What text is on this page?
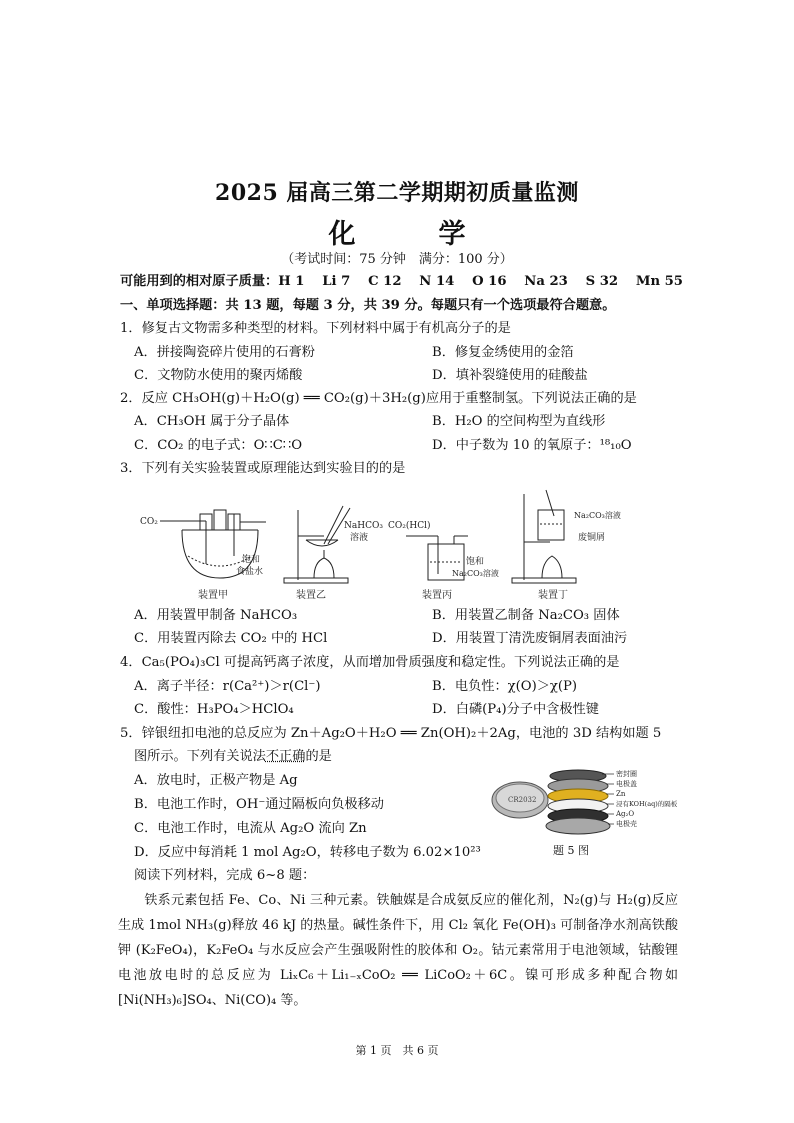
2025 届高三第二学期期初质量监测
化　学
（考试时间：75 分钟　满分：100 分）
可能用到的相对原子质量：H 1　 Li 7　 C 12　 N 14　 O 16　 Na 23　 S 32　 Mn 55
一、单项选择题：共 13 题，每题 3 分，共 39 分。每题只有一个选项最符合题意。
1．修复古文物需多种类型的材料。下列材料中属于有机高分子的是
A．拼接陶瓷碎片使用的石膏粉	B．修复金绣使用的金箔
C．文物防水使用的聚丙烯酸	D．填补裂缝使用的硅酸盐
2．反应 CH₃OH(g)＋H₂O(g) ══ CO₂(g)＋3H₂(g)应用于重整制氢。下列说法正确的是
A．CH₃OH 属于分子晶体	B．H₂O 的空间构型为直线形
C．CO₂ 的电子式：O∷C∷O	D．中子数为 10 的氧原子：¹⁸₁₀O
3．下列有关实验装置或原理能达到实验目的的是
CO₂
饱和
食盐水
装置甲
NaHCO₃
溶液
装置乙
CO₂(HCl)
饱和
Na₂CO₃溶液
装置丙
Na₂CO₃溶液
废铜屑
装置丁
A．用装置甲制备 NaHCO₃	B．用装置乙制备 Na₂CO₃ 固体
C．用装置丙除去 CO₂ 中的 HCl	D．用装置丁清洗废铜屑表面油污
4．Ca₅(PO₄)₃Cl 可提高钙离子浓度，从而增加骨质强度和稳定性。下列说法正确的是
A．离子半径：r(Ca²⁺)＞r(Cl⁻)	B．电负性：χ(O)＞χ(P)
C．酸性：H₃PO₄＞HClO₄	D．白磷(P₄)分子中含极性键
5．锌银纽扣电池的总反应为 Zn＋Ag₂O＋H₂O ══ Zn(OH)₂＋2Ag，电池的 3D 结构如题 5
图所示。下列有关说法不正确的是
A．放电时，正极产物是 Ag
B．电池工作时，OH⁻通过隔板向负极移动
C．电池工作时，电流从 Ag₂O 流向 Zn
D．反应中每消耗 1 mol Ag₂O，转移电子数为 6.02×10²³
CR2032
密封圈
电极盖
Zn
浸有KOH(aq)的隔板
Ag₂O
电极壳
题 5 图
阅读下列材料，完成 6~8 题：
铁系元素包括 Fe、Co、Ni 三种元素。铁触媒是合成氨反应的催化剂，N₂(g)与 H₂(g)反应生成 1mol NH₃(g)释放 46 kJ 的热量。碱性条件下，用 Cl₂ 氧化 Fe(OH)₃ 可制备净水剂高铁酸钾 (K₂FeO₄)，K₂FeO₄ 与水反应会产生强吸附性的胶体和 O₂。钴元素常用于电池领域，钴酸锂电池放电时的总反应为 LiₓC₆＋Li₁₋ₓCoO₂ ══ LiCoO₂＋6C。镍可形成多种配合物如[Ni(NH₃)₆]SO₄、Ni(CO)₄ 等。
第 1 页　共 6 页
